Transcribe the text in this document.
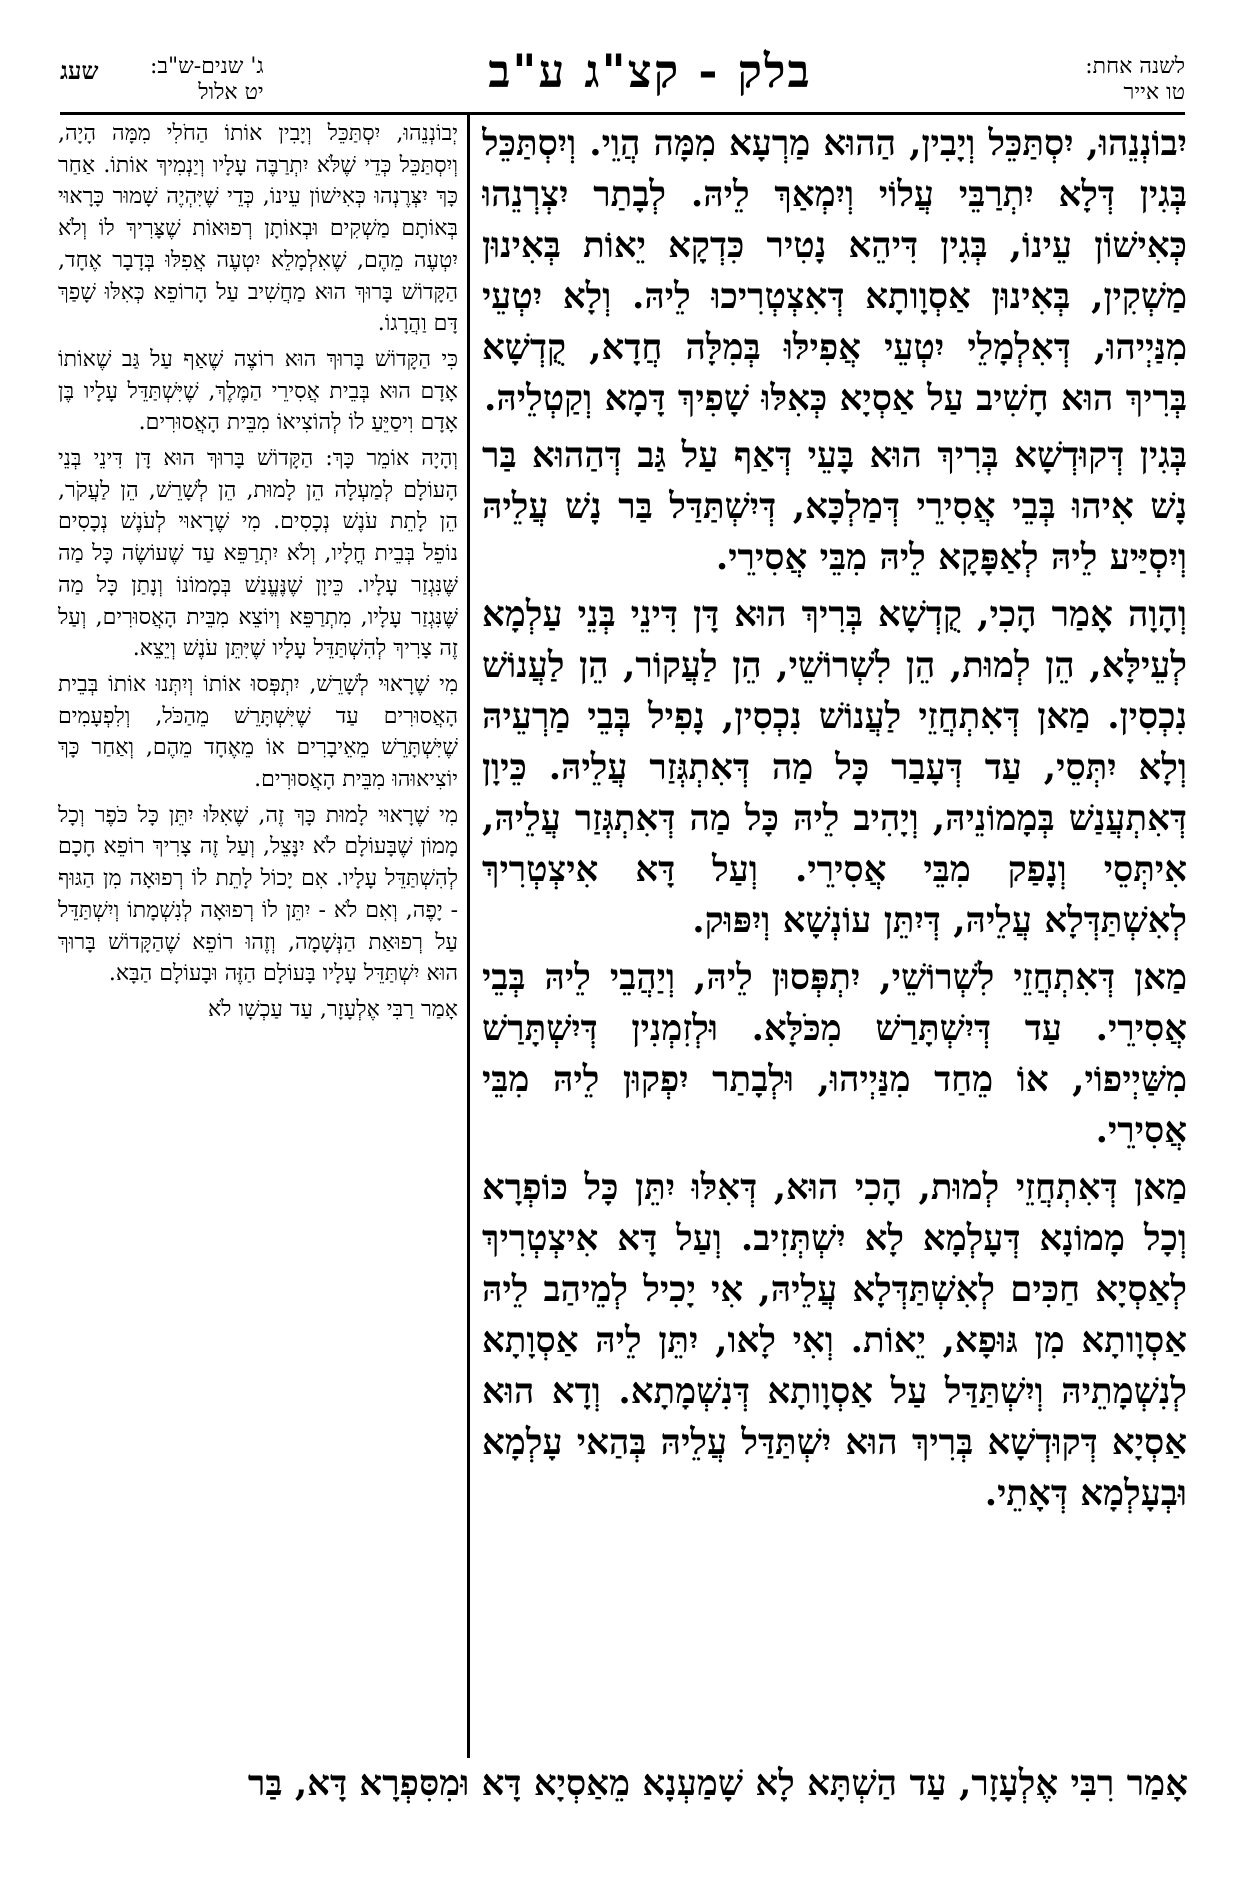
לשנה אחת:
טו אייר
בלק - קצ"ג ע"ב
ג' שנים-ש"ב:
יט אלול
שעג

יִבוֹנְנֵהוּ, יִסְתַּכֵּל וְיָבִין, הַהוּא מַרְעָא מִמָּה הֲוֵי. וְיִסְתַּכֵּל בְּגִין דְּלָא יִתְרַבֵּי עֲלוֹי וְיִמְאַךְ לֵיהּ. לְבָתַר יִצְרְנֵהוּ כְּאִישׁוֹן עֵינוֹ, בְּגִין דִּיהֵא נָטִיר כִּדְקָא יֵאוֹת בְּאִינוּן מַשְׁקִין, בְּאִינוּן אַסְוָותָא דְּאִצְטְרִיכוּ לֵיהּ. וְלָא יִטְעֵי מִנַּיְיהוּ, דְּאִלְמָלֵי יִטְעֵי אֲפִילּוּ בְּמִלָּה חֲדָא, קֻדְשָׁא בְּרִיךְ הוּא חָשִׁיב עַל אַסְיָא כְּאִלּוּ שָׁפִיךְ דָּמָא וְקַטְלֵיהּ.

בְּגִין דְּקוּדְשָׁא בְּרִיךְ הוּא בָּעֵי דְּאַף עַל גַּב דְּהַהוּא בַּר נָשׁ אִיהוּ בְּבֵי אֲסִירֵי דְּמַלְכָּא, דְּיִשְׁתַּדַּל בַּר נָשׁ עֲלֵיהּ וְיִסְיַּיע לֵיהּ לְאַפָּקָא לֵיהּ מִבֵּי אֲסִירֵי.

וְהָוָה אָמַר הָכִי, קֻדְשָׁא בְּרִיךְ הוּא דָּן דִּינֵי בְּנֵי עַלְמָא לְעֵילָּא, הֵן לְמוּת, הֵן לִשְׁרוֹשֵׁי, הֵן לַעֲקוֹר, הֵן לַעֲנוֹשׁ נִכְסִין. מַאן דְּאִתְחֲזֵי לַעֲנוֹשׁ נִכְסִין, נָפִיל בְּבֵי מַרְעֵיהּ וְלָא יִתְּסֵי, עַד דְּעָבַר כָּל מַה דְּאִתְגְּזַר עֲלֵיהּ. כֵּיוָן דְּאִתְעֲנַשׁ בְּמָמוֹנֵיהּ, וְיָהִיב לֵיהּ כָּל מַה דְּאִתְגְּזַר עֲלֵיהּ, אִיתְּסֵי וְנָפַק מִבֵּי אֲסִירֵי. וְעַל דָּא אִיצְטְרִיךְ לְאִשְׁתַּדְּלָא עֲלֵיהּ, דְּיִתֵּן עוֹנְשָׁא וְיִפּוּק.

מַאן דְּאִתְחֲזֵי לִשְׁרוֹשֵׁי, יִתְפְּסוּן לֵיהּ, וְיַהֲבֵי לֵיהּ בְּבֵי אֲסִירֵי. עַד דְּיִשְׁתָּרַשׁ מִכֹּלָּא. וּלְזִמְנִין דְּיִשְׁתָּרַשׁ מִשַּׁיְיפוֹי, אוֹ מֵחַד מִנַּיְיהוּ, וּלְבָתַר יִפְקוּן לֵיהּ מִבֵּי אֲסִירֵי.

מַאן דְּאִתְחֲזֵי לְמוּת, הָכִי הוּא, דְּאִלּוּ יִתֵּן כָּל כּוֹפְרָא וְכָל מָמוֹנָא דְּעָלְמָא לָא יִשְׁתְּזִיב. וְעַל דָּא אִיצְטְרִיךְ לְאַסְיָא חַכִּים לְאִשְׁתַּדְּלָא עֲלֵיהּ, אִי יָכִיל לְמֵיהַב לֵיהּ אַסְוָותָא מִן גּוּפָא, יֵאוֹת. וְאִי לָאו, יִתֵּן לֵיהּ אַסְוָתָא לְנִשְׁמָתֵיהּ וְיִשְׁתַּדַּל עַל אַסְוָותָא דְּנִשְׁמָתָא. וְדָא הוּא אַסְיָא דְּקוּדְשָׁא בְּרִיךְ הוּא יִשְׁתַּדַּל עֲלֵיהּ בְּהַאי עָלְמָא וּבְעָלְמָא דְּאָתֵי.

יְבוֹנְנֵהוּ, יִסְתַּכֵּל וְיָבִין אוֹתוֹ הַחֹלִי מִמָּה הָיָה, וְיִסְתַּכֵּל כְּדֵי שֶׁלֹּא יִתְרַבֶּה עָלָיו וְיַנְמִיךְ אוֹתוֹ. אַחַר כָּךְ יִצְּרֶנְהוּ כְּאִישׁוֹן עֵינוֹ, כְּדֵי שֶׁיִּהְיֶה שָׁמוּר כָּרָאוּי בְּאוֹתָם מַשְׁקִים וּבְאוֹתָן רְפוּאוֹת שֶׁצָּרִיךְ לוֹ וְלֹא יִטְעֶה מֵהֶם, שֶׁאִלְמָלֵא יִטְעֶה אֲפִלּוּ בְּדָבָר אֶחָד, הַקָּדוֹשׁ בָּרוּךְ הוּא מַחֲשִׁיב עַל הָרוֹפֵא כְּאִלּוּ שָׁפַךְ דָּם וַהֲרָגוֹ.

כִּי הַקָּדוֹשׁ בָּרוּךְ הוּא רוֹצֶה שֶׁאַף עַל גַּב שֶׁאוֹתוֹ אָדָם הוּא בְּבֵית אֲסִירֵי הַמֶּלֶךְ, שֶׁיִּשְׁתַּדֵּל עָלָיו בֶּן אָדָם וִיסַיֵּעַ לוֹ לְהוֹצִיאוֹ מִבֵּית הָאֲסוּרִים.

וְהָיָה אוֹמֵר כָּךְ: הַקָּדוֹשׁ בָּרוּךְ הוּא דָּן דִּינֵי בְּנֵי הָעוֹלָם לְמַעְלָה הֵן לָמוּת, הֵן לְשָׁרֵשׁ, הֵן לַעֲקֹר, הֵן לָתֵת עֹנֶשׁ נְכָסִים. מִי שֶׁרָאוּי לְעֹנֶשׁ נְכָסִים נוֹפֵל בְּבֵית חֳלָיו, וְלֹא יִתְרַפֵּא עַד שֶׁעוֹשֶׂה כָּל מַה שֶּׁנִּגְזַר עָלָיו. כֵּיוָן שֶׁנֶּעֱנַשׁ בְּמָמוֹנוֹ וְנָתַן כָּל מַה שֶּׁנִּגְזַר עָלָיו, מִתְרַפֵּא וְיוֹצֵא מִבֵּית הָאֲסוּרִים, וְעַל זֶה צָרִיךְ לְהִשְׁתַּדֵּל עָלָיו שֶׁיִּתֵּן עֹנֶשׁ וְיֵצֵא.

מִי שֶׁרָאוּי לְשָׁרֵשׁ, יִתְפְּסוּ אוֹתוֹ וְיִתְּנוּ אוֹתוֹ בְּבֵית הָאֲסוּרִים עַד שֶׁיִּשְׁתָּרֵשׁ מֵהַכֹּל, וְלִפְעָמִים שֶׁיִּשְׁתָּרֵשׁ מֵאֵיבָרִים אוֹ מֵאֶחָד מֵהֶם, וְאַחַר כָּךְ יוֹצִיאוּהוּ מִבֵּית הָאֲסוּרִים.

מִי שֶׁרָאוּי לָמוּת כָּךְ זֶה, שֶׁאִלּוּ יִתֵּן כָּל כֹּפֶר וְכָל מָמוֹן שֶׁבָּעוֹלָם לֹא יִנָּצֵל, וְעַל זֶה צָרִיךְ רוֹפֵא חָכָם לְהִשְׁתַּדֵּל עָלָיו. אִם יָכוֹל לָתֵת לוֹ רְפוּאָה מִן הַגּוּף - יָפֶה, וְאִם לֹא - יִתֵּן לוֹ רְפוּאָה לְנִשְׁמָתוֹ וְיִשְׁתַּדֵּל עַל רְפוּאַת הַנְּשָׁמָה, וְזֶהוּ רוֹפֵא שֶׁהַקָּדוֹשׁ בָּרוּךְ הוּא יִשְׁתַּדֵּל עָלָיו בָּעוֹלָם הַזֶּה וּבָעוֹלָם הַבָּא.

אָמַר רַבִּי אֶלְעָזָר, עַד עַכְשָׁו לֹא

אָמַר רִבִּי אֶלְעָזָר, עַד הַשְׁתָּא לָא שָׁמַעְנָא מֵאַסְיָא דָּא וּמִסִּפְרָא דָּא, בַּר
